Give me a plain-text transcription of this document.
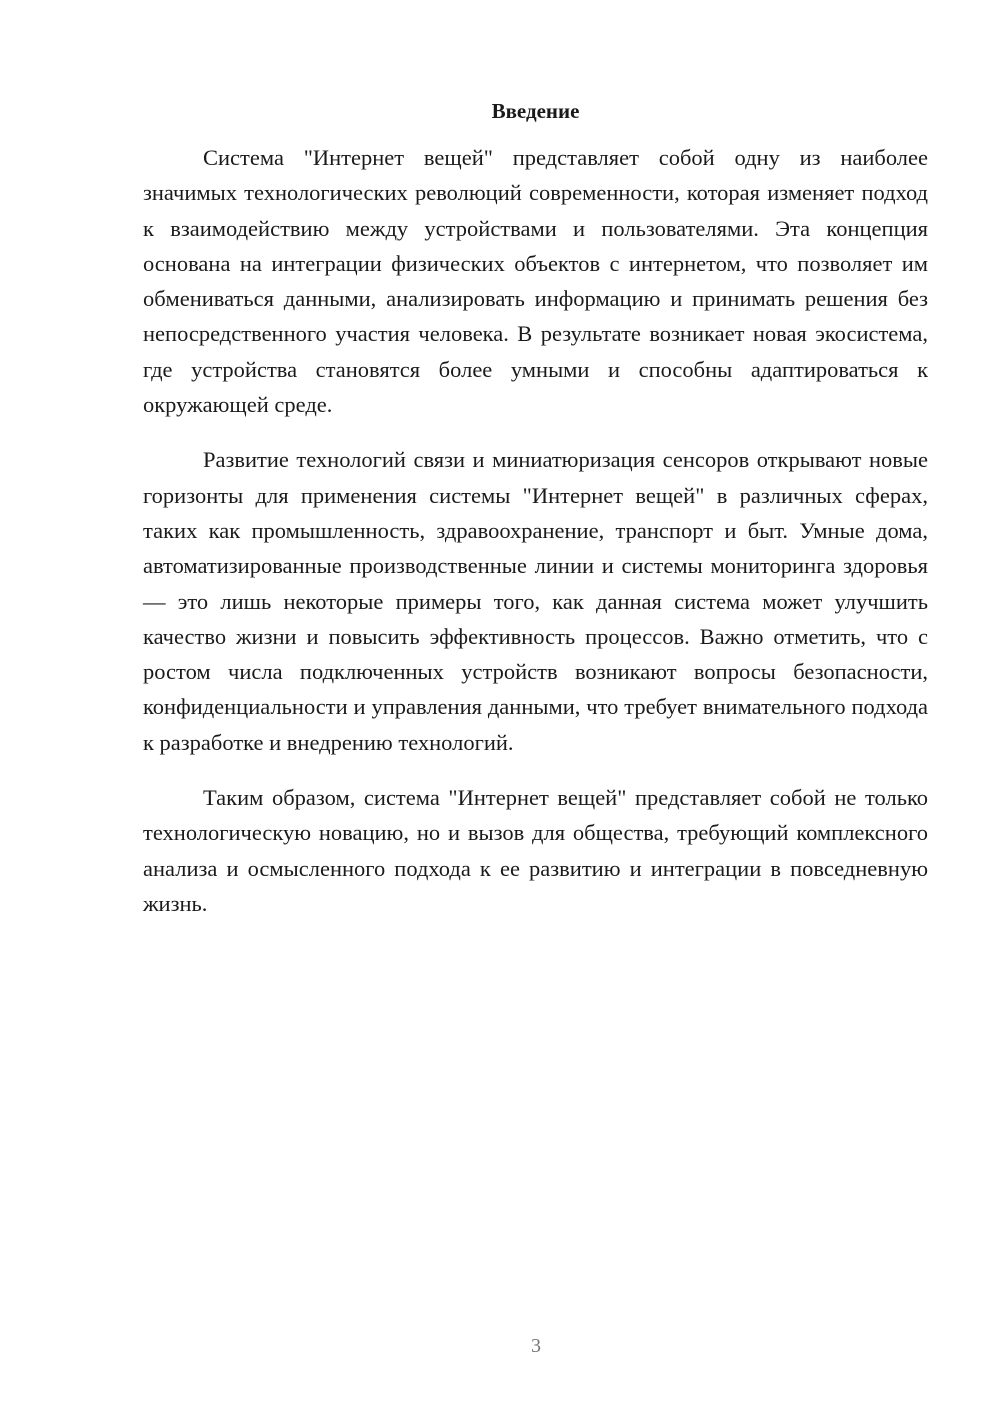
Введение

Система "Интернет вещей" представляет собой одну из наиболее значимых технологических революций современности, которая изменяет подход к взаимодействию между устройствами и пользователями. Эта концепция основана на интеграции физических объектов с интернетом, что позволяет им обмениваться данными, анализировать информацию и принимать решения без непосредственного участия человека. В результате возникает новая экосистема, где устройства становятся более умными и способны адаптироваться к окружающей среде.

Развитие технологий связи и миниатюризация сенсоров открывают новые горизонты для применения системы "Интернет вещей" в различных сферах, таких как промышленность, здравоохранение, транспорт и быт. Умные дома, автоматизированные производственные линии и системы мониторинга здоровья — это лишь некоторые примеры того, как данная система может улучшить качество жизни и повысить эффективность процессов. Важно отметить, что с ростом числа подключенных устройств возникают вопросы безопасности, конфиденциальности и управления данными, что требует внимательного подхода к разработке и внедрению технологий.

Таким образом, система "Интернет вещей" представляет собой не только технологическую новацию, но и вызов для общества, требующий комплексного анализа и осмысленного подхода к ее развитию и интеграции в повседневную жизнь.

3
